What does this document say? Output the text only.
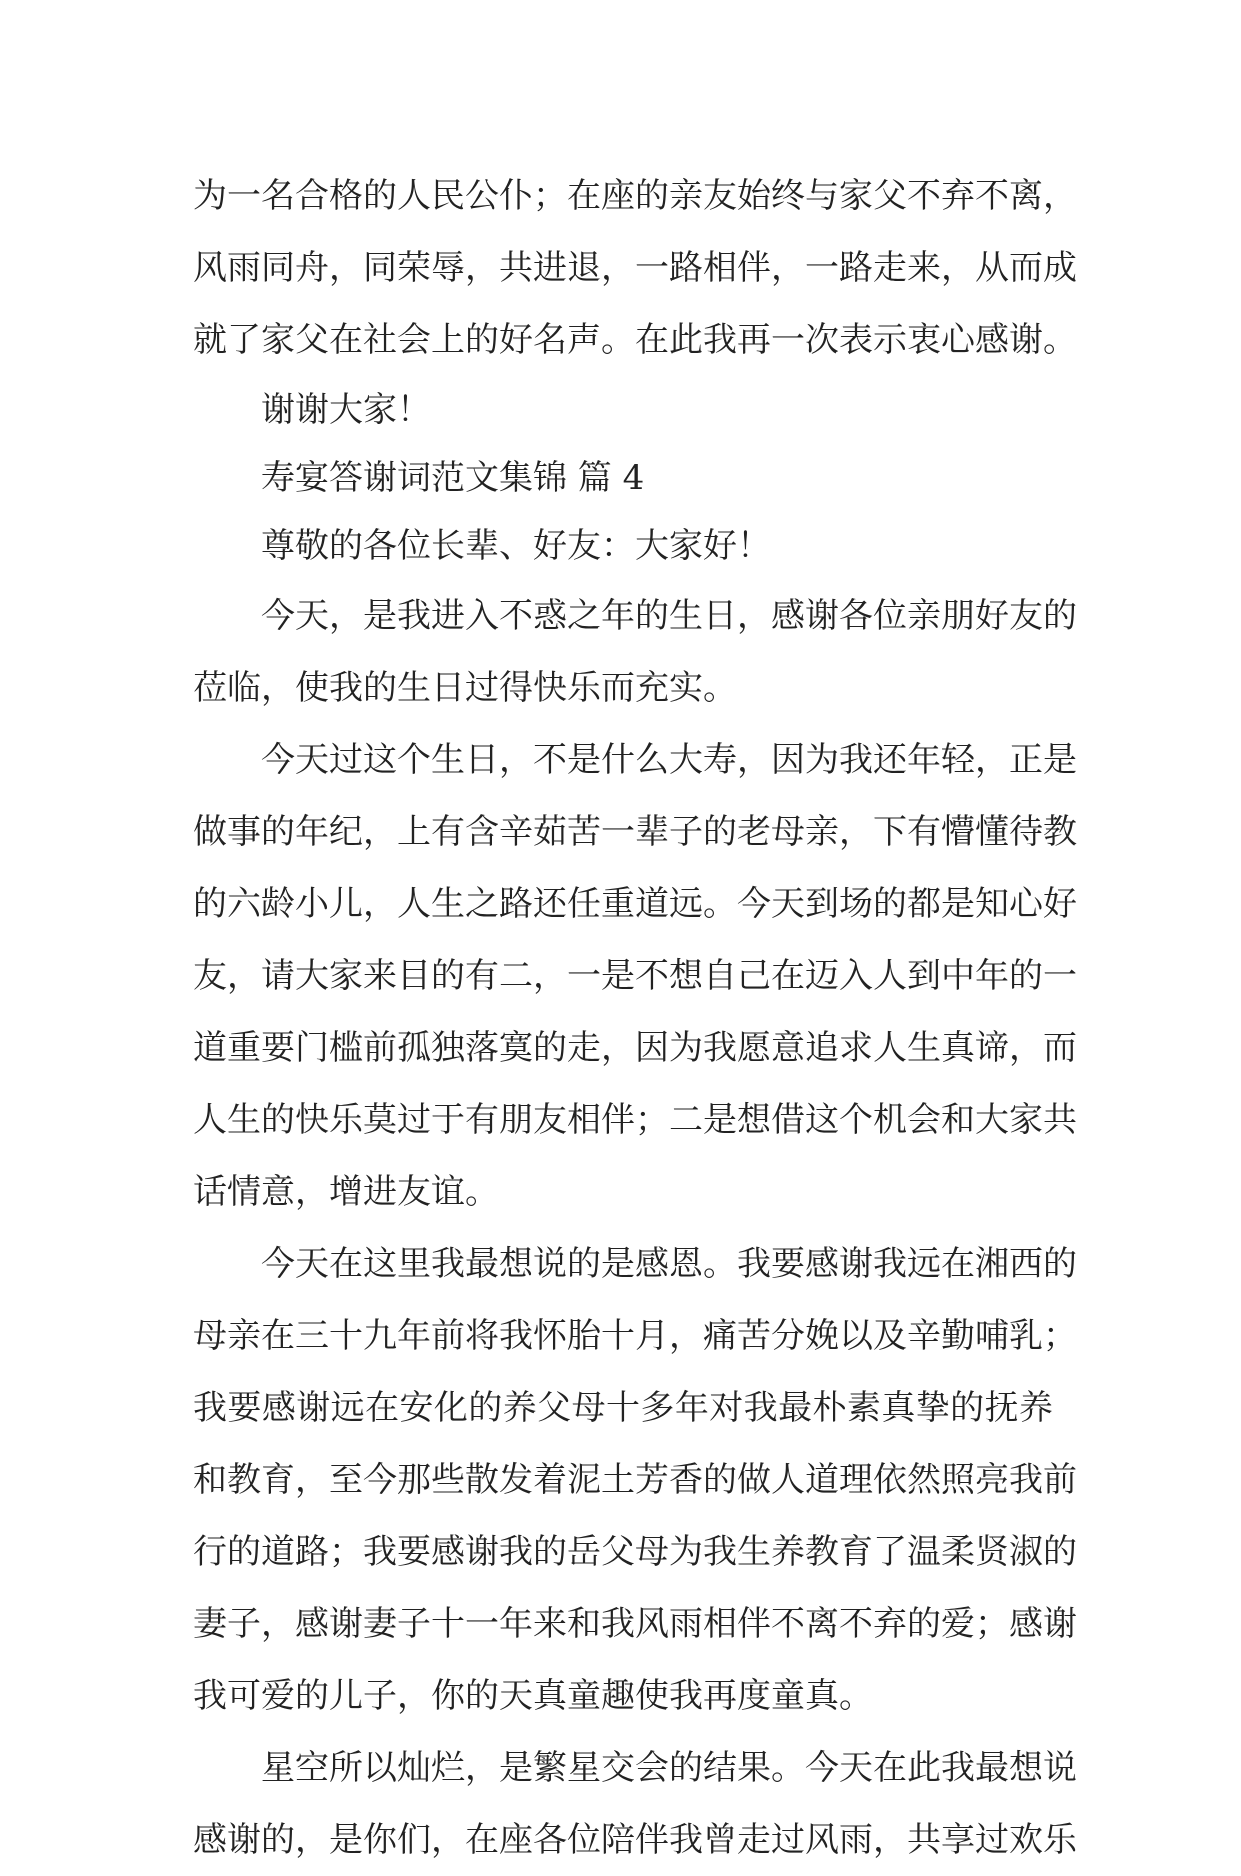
为一名合格的人民公仆；在座的亲友始终与家父不弃不离，
风雨同舟，同荣辱，共进退，一路相伴，一路走来，从而成
就了家父在社会上的好名声。在此我再一次表示衷心感谢。
谢谢大家！
寿宴答谢词范文集锦 篇 4
尊敬的各位长辈、好友：大家好！
今天，是我进入不惑之年的生日，感谢各位亲朋好友的
莅临，使我的生日过得快乐而充实。
今天过这个生日，不是什么大寿，因为我还年轻，正是
做事的年纪，上有含辛茹苦一辈子的老母亲，下有懵懂待教
的六龄小儿，人生之路还任重道远。今天到场的都是知心好
友，请大家来目的有二，一是不想自己在迈入人到中年的一
道重要门槛前孤独落寞的走，因为我愿意追求人生真谛，而
人生的快乐莫过于有朋友相伴；二是想借这个机会和大家共
话情意，增进友谊。
今天在这里我最想说的是感恩。我要感谢我远在湘西的
母亲在三十九年前将我怀胎十月，痛苦分娩以及辛勤哺乳；
我要感谢远在安化的养父母十多年对我最朴素真挚的抚养
和教育，至今那些散发着泥土芳香的做人道理依然照亮我前
行的道路；我要感谢我的岳父母为我生养教育了温柔贤淑的
妻子，感谢妻子十一年来和我风雨相伴不离不弃的爱；感谢
我可爱的儿子，你的天真童趣使我再度童真。
星空所以灿烂，是繁星交会的结果。今天在此我最想说
感谢的，是你们，在座各位陪伴我曾走过风雨，共享过欢乐
